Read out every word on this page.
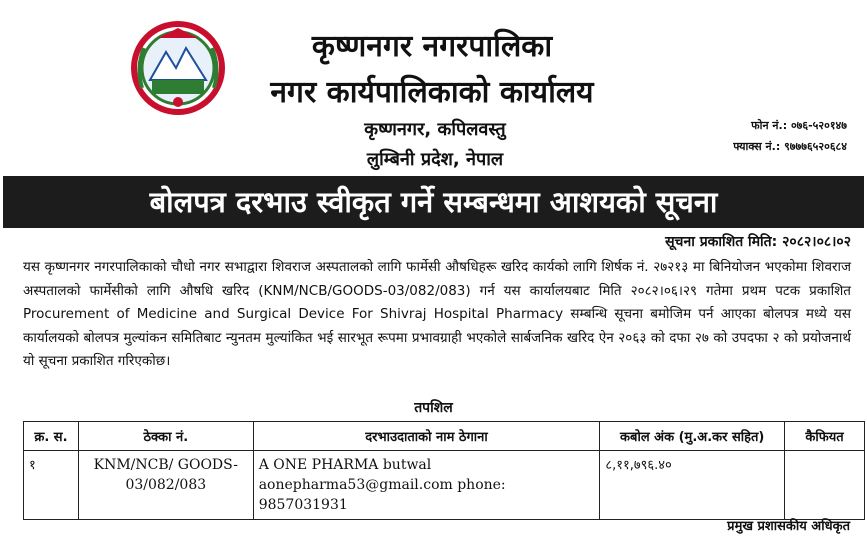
कृष्णनगर नगरपालिका
नगर कार्यपालिकाको कार्यालय
कृष्णनगर, कपिलवस्तु
लुम्बिनी प्रदेश, नेपाल
फोन नं.: ०७६-५२०१४७
फ्याक्स नं.: ९७७७६५२०६८४
बोलपत्र दरभाउ स्वीकृत गर्ने सम्बन्धमा आशयको सूचना
सूचना प्रकाशित मिति: २०८२।०८।०२

यस कृष्णनगर नगरपालिकाको चौधो नगर सभाद्वारा शिवराज अस्पतालको लागि फार्मेसी औषधिहरू खरिद कार्यको लागि शिर्षक नं. २७२१३ मा बिनियोजन भएकोमा शिवराज अस्पतालको फार्मेसीको लागि औषधि खरिद (KNM/NCB/GOODS-03/082/083) गर्न यस कार्यालयबाट मिति २०८२।०६।२९ गतेमा प्रथम पटक प्रकाशित Procurement of Medicine and Surgical Device For Shivraj Hospital Pharmacy सम्बन्धि सूचना बमोजिम पर्न आएका बोलपत्र मध्ये यस कार्यालयको बोलपत्र मुल्यांकन समितिबाट न्युनतम मुल्यांकित भई सारभूत रूपमा प्रभावग्राही भएकोले सार्बजनिक खरिद ऐन २०६३ को दफा २७ को उपदफा २ को प्रयोजनार्थ यो सूचना प्रकाशित गरिएकोछ।

तपशिल
क्र. स.	ठेक्का नं.	दरभाउदाताको नाम ठेगाना	कबोल अंक (मु.अ.कर सहित)	कैफियत
१	KNM/NCB/ GOODS-03/082/083	A ONE PHARMA butwal aonepharma53@gmail.com phone: 9857031931	८,११,७९६.४०	
प्रमुख प्रशासकीय अधिकृत
